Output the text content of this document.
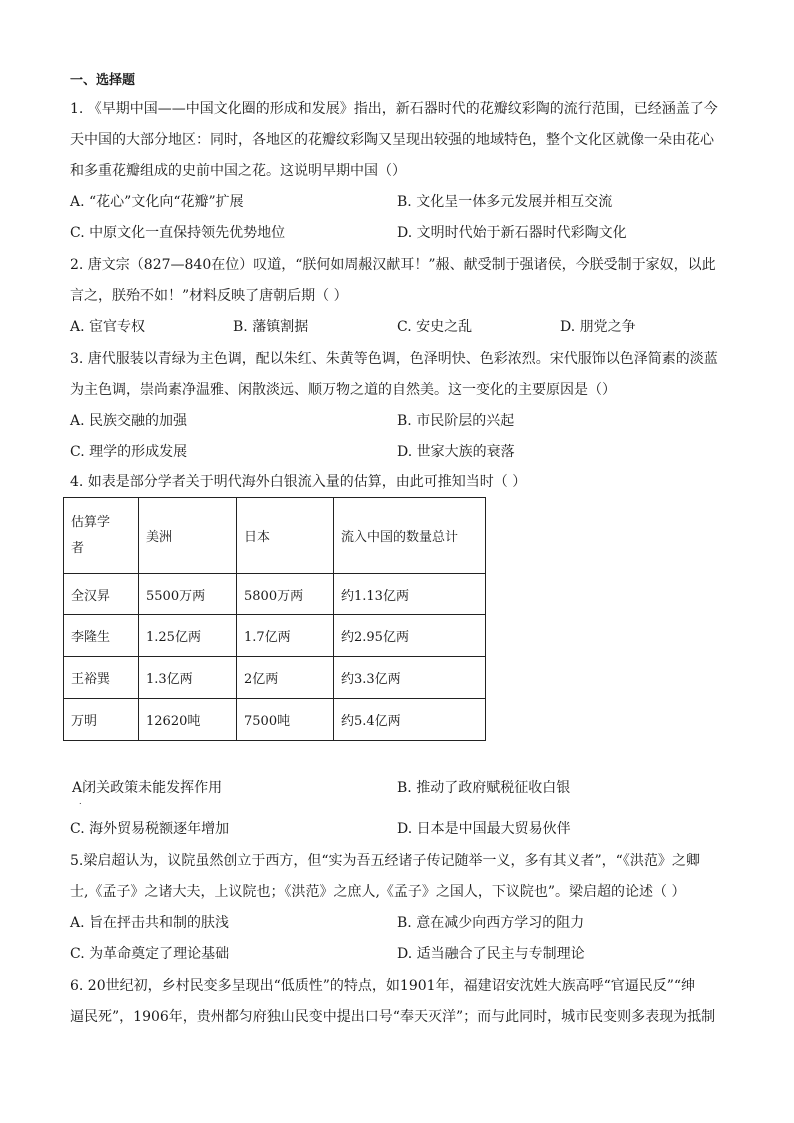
一、选择题
1. 《早期中国——中国文化圈的形成和发展》指出，新石器时代的花瓣纹彩陶的流行范围，已经涵盖了今
天中国的大部分地区：同时，各地区的花瓣纹彩陶又呈现出较强的地域特色，整个文化区就像一朵由花心
和多重花瓣组成的史前中国之花。这说明早期中国（）
A. “花心”文化向“花瓣”扩展	B. 文化呈一体多元发展并相互交流
C. 中原文化一直保持领先优势地位	D. 文明时代始于新石器时代彩陶文化
2. 唐文宗（827—840在位）叹道，“朕何如周赧汉献耳！”赧、献受制于强诸侯，今朕受制于家奴，以此
言之，朕殆不如！”材料反映了唐朝后期（ ）
A. 宦官专权	B. 藩镇割据	C. 安史之乱	D. 朋党之争
3. 唐代服装以青绿为主色调，配以朱红、朱黄等色调，色泽明快、色彩浓烈。宋代服饰以色泽简素的淡蓝
为主色调，崇尚素净温雅、闲散淡远、顺万物之道的自然美。这一变化的主要原因是（）
A. 民族交融的加强	B. 市民阶层的兴起
C. 理学的形成发展	D. 世家大族的衰落
4. 如表是部分学者关于明代海外白银流入量的估算，由此可推知当时（ ）
估算学
者	美洲	日本	流入中国的数量总计
全汉昇	5500万两	5800万两	约1.13亿两
李隆生	1.25亿两	1.7亿两	约2.95亿两
王裕巽	1.3亿两	2亿两	约3.3亿两
万明	12620吨	7500吨	约5.4亿两
A闭关政策未能发挥作用
.
B. 推动了政府赋税征收白银
C. 海外贸易税额逐年增加	D. 日本是中国最大贸易伙伴
5.梁启超认为，议院虽然创立于西方，但“实为吾五经诸子传记随举一义，多有其义者”，“《洪范》之卿
士,《孟子》之诸大夫，上议院也；《洪范》之庶人,《孟子》之国人，下议院也”。梁启超的论述（ ）
A. 旨在抨击共和制的肤浅	B. 意在减少向西方学习的阻力
C. 为革命奠定了理论基础	D. 适当融合了民主与专制理论
6. 20世纪初，乡村民变多呈现出“低质性”的特点，如1901年，福建诏安沈姓大族高呼“官逼民反”“绅
逼民死”，1906年，贵州都匀府独山民变中提出口号“奉天灭洋”；而与此同时，城市民变则多表现为抵制
